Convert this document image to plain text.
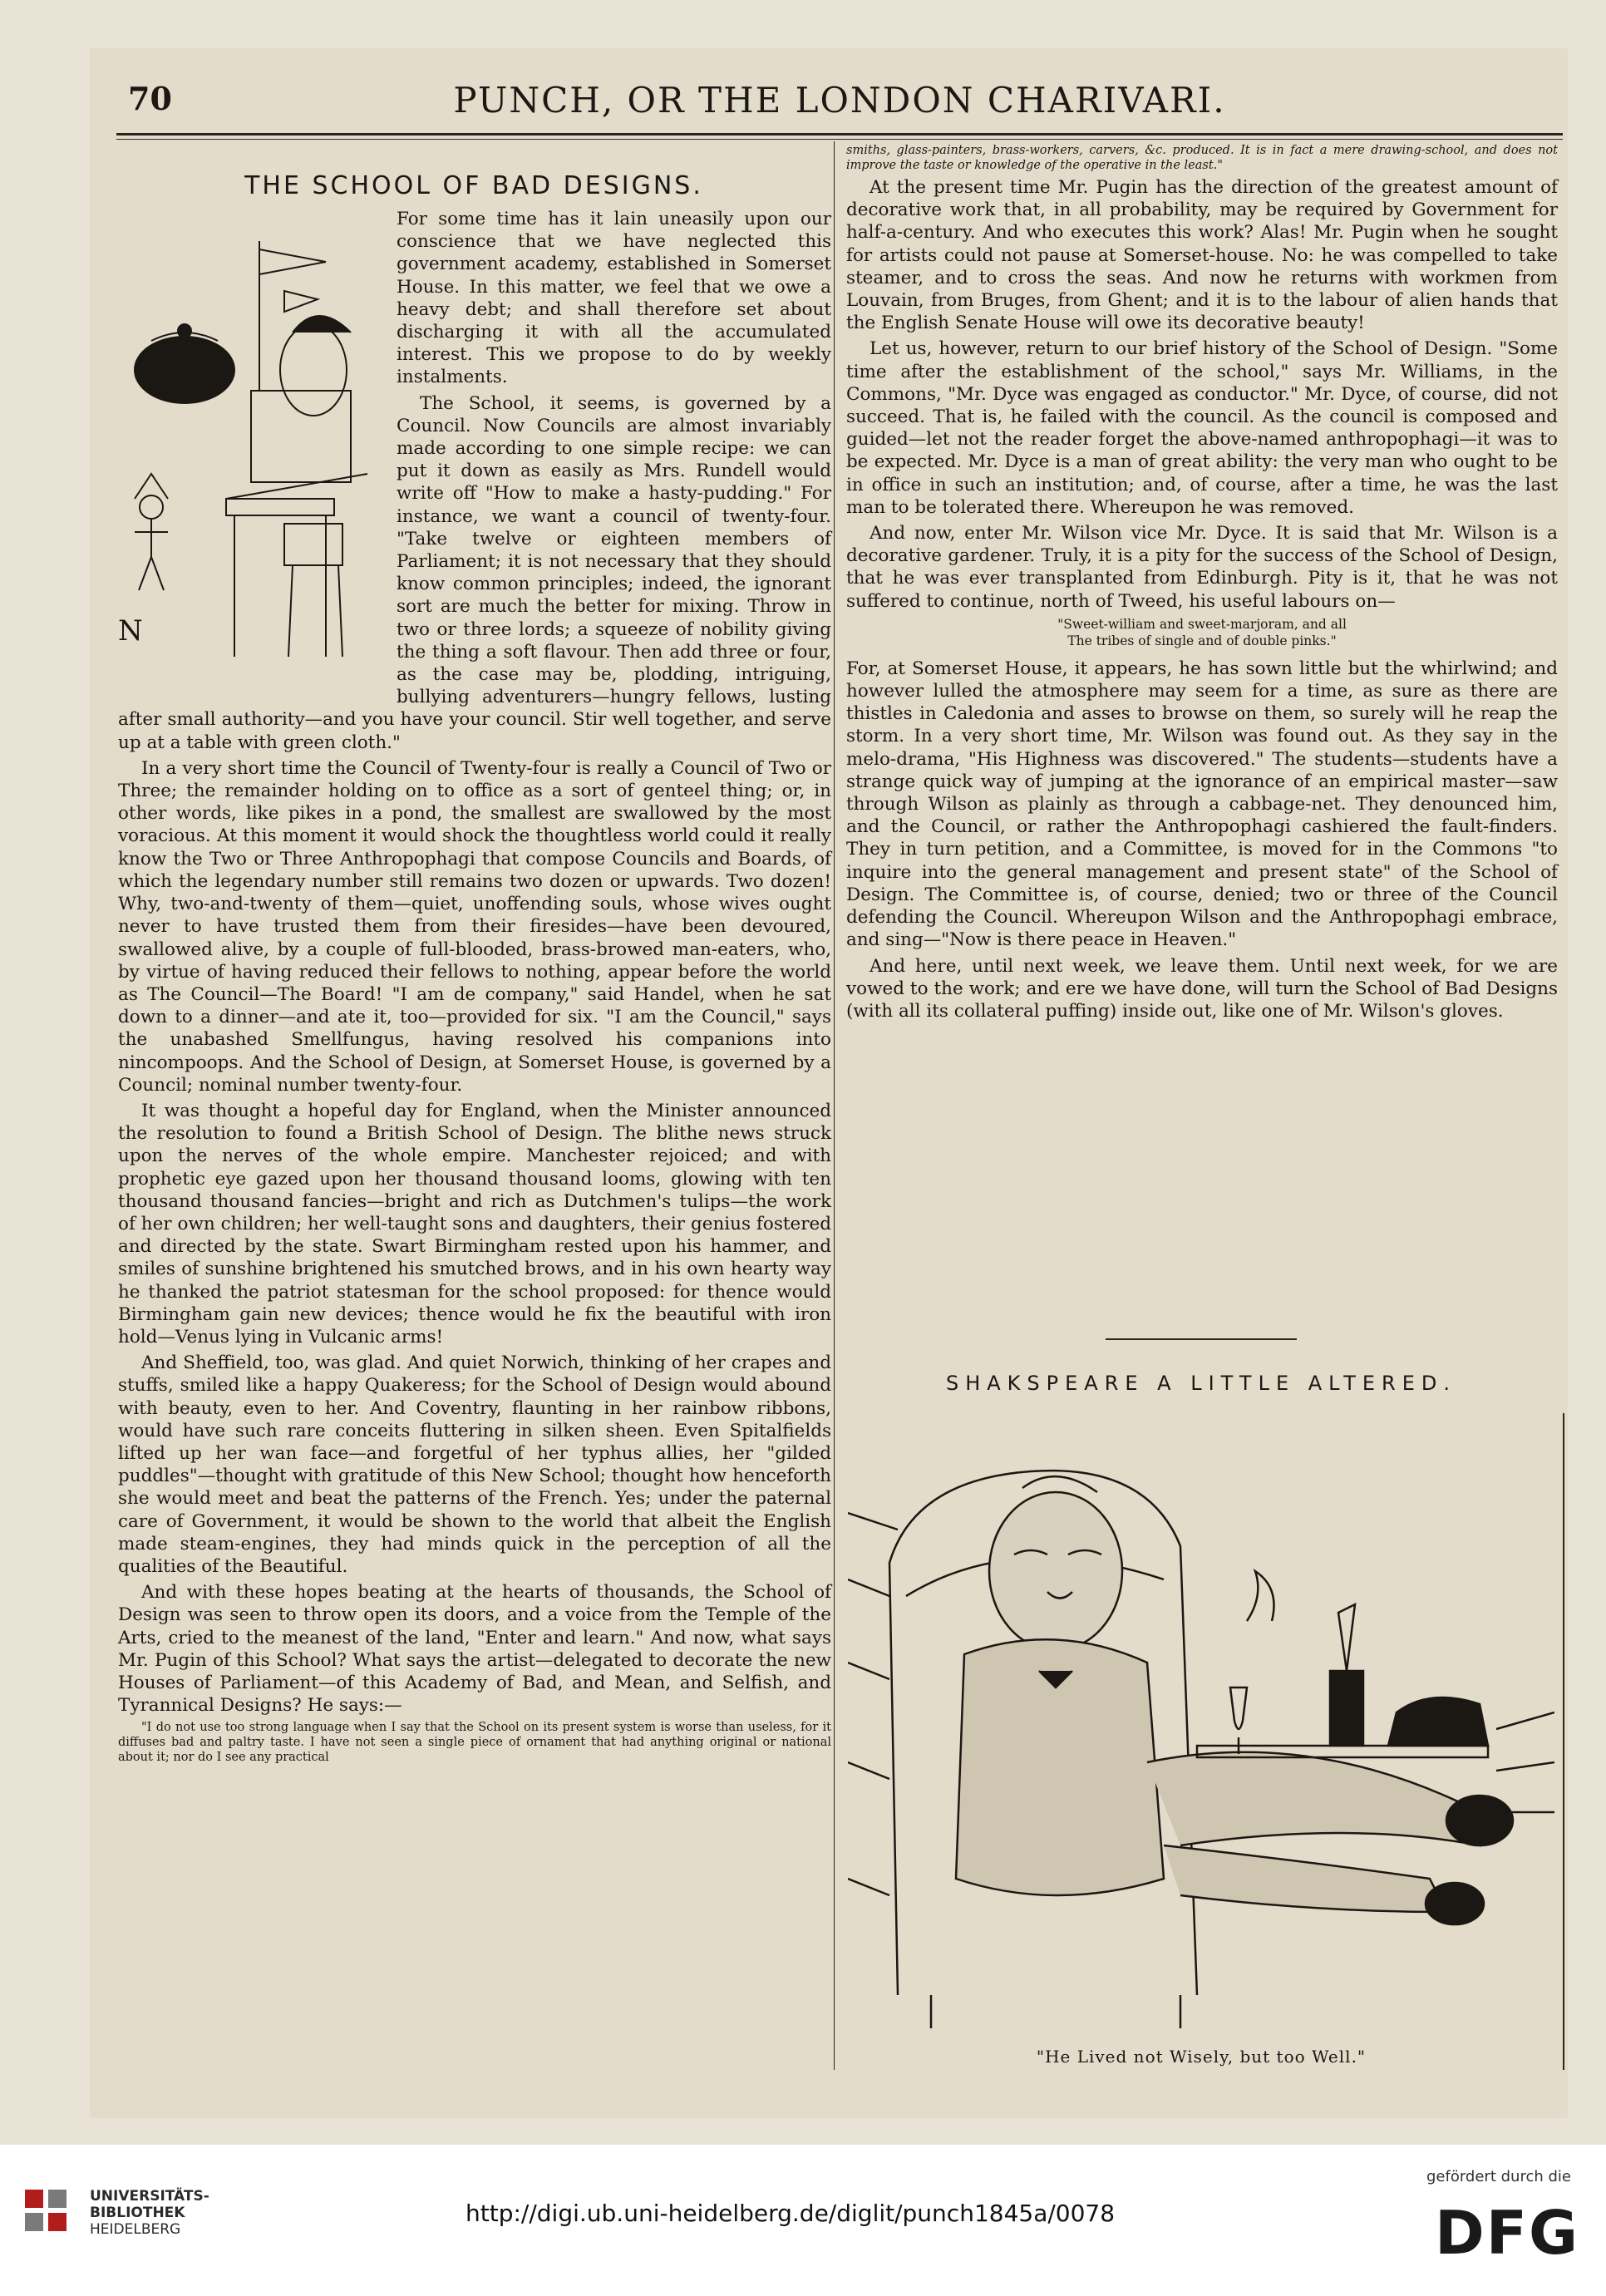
70	PUNCH, OR THE LONDON CHARIVARI.
THE SCHOOL OF BAD DESIGNS.
N

For some time has it lain uneasily upon our conscience that we have neglected this government academy, established in Somerset House. In this matter, we feel that we owe a heavy debt; and shall therefore set about discharging it with all the accumulated interest. This we propose to do by weekly instalments.

The School, it seems, is governed by a Council. Now Councils are almost invariably made according to one simple recipe: we can put it down as easily as Mrs. Rundell would write off "How to make a hasty-pudding." For instance, we want a council of twenty-four. "Take twelve or eighteen members of Parliament; it is not necessary that they should know common principles; indeed, the ignorant sort are much the better for mixing. Throw in two or three lords; a squeeze of nobility giving the thing a soft flavour. Then add three or four, as the case may be, plodding, intriguing, bullying adventurers—hungry fellows, lusting after small authority—and you have your council. Stir well together, and serve up at a table with green cloth."

In a very short time the Council of Twenty-four is really a Council of Two or Three; the remainder holding on to office as a sort of genteel thing; or, in other words, like pikes in a pond, the smallest are swallowed by the most voracious. At this moment it would shock the thoughtless world could it really know the Two or Three Anthropophagi that compose Councils and Boards, of which the legendary number still remains two dozen or upwards. Two dozen! Why, two-and-twenty of them—quiet, unoffending souls, whose wives ought never to have trusted them from their firesides—have been devoured, swallowed alive, by a couple of full-blooded, brass-browed man-eaters, who, by virtue of having reduced their fellows to nothing, appear before the world as The Council—The Board! "I am de company," said Handel, when he sat down to a dinner—and ate it, too—provided for six. "I am the Council," says the unabashed Smellfungus, having resolved his companions into nincompoops. And the School of Design, at Somerset House, is governed by a Council; nominal number twenty-four.

It was thought a hopeful day for England, when the Minister announced the resolution to found a British School of Design. The blithe news struck upon the nerves of the whole empire. Manchester rejoiced; and with prophetic eye gazed upon her thousand thousand looms, glowing with ten thousand thousand fancies—bright and rich as Dutchmen's tulips—the work of her own children; her well-taught sons and daughters, their genius fostered and directed by the state. Swart Birmingham rested upon his hammer, and smiles of sunshine brightened his smutched brows, and in his own hearty way he thanked the patriot statesman for the school proposed: for thence would Birmingham gain new devices; thence would he fix the beautiful with iron hold—Venus lying in Vulcanic arms!

And Sheffield, too, was glad. And quiet Norwich, thinking of her crapes and stuffs, smiled like a happy Quakeress; for the School of Design would abound with beauty, even to her. And Coventry, flaunting in her rainbow ribbons, would have such rare conceits fluttering in silken sheen. Even Spitalfields lifted up her wan face—and forgetful of her typhus allies, her "gilded puddles"—thought with gratitude of this New School; thought how henceforth she would meet and beat the patterns of the French. Yes; under the paternal care of Government, it would be shown to the world that albeit the English made steam-engines, they had minds quick in the perception of all the qualities of the Beautiful.

And with these hopes beating at the hearts of thousands, the School of Design was seen to throw open its doors, and a voice from the Temple of the Arts, cried to the meanest of the land, "Enter and learn." And now, what says Mr. Pugin of this School? What says the artist—delegated to decorate the new Houses of Parliament—of this Academy of Bad, and Mean, and Selfish, and Tyrannical Designs? He says:—

"I do not use too strong language when I say that the School on its present system is worse than useless, for it diffuses bad and paltry taste. I have not seen a single piece of ornament that had anything original or national about it; nor do I see any practical

smiths, glass-painters, brass-workers, carvers, &c. produced. It is in fact a mere drawing-school, and does not improve the taste or knowledge of the operative in the least."

At the present time Mr. Pugin has the direction of the greatest amount of decorative work that, in all probability, may be required by Government for half-a-century. And who executes this work? Alas! Mr. Pugin when he sought for artists could not pause at Somerset-house. No: he was compelled to take steamer, and to cross the seas. And now he returns with workmen from Louvain, from Bruges, from Ghent; and it is to the labour of alien hands that the English Senate House will owe its decorative beauty!

Let us, however, return to our brief history of the School of Design. "Some time after the establishment of the school," says Mr. Williams, in the Commons, "Mr. Dyce was engaged as conductor." Mr. Dyce, of course, did not succeed. That is, he failed with the council. As the council is composed and guided—let not the reader forget the above-named anthropophagi—it was to be expected. Mr. Dyce is a man of great ability: the very man who ought to be in office in such an institution; and, of course, after a time, he was the last man to be tolerated there. Whereupon he was removed.

And now, enter Mr. Wilson vice Mr. Dyce. It is said that Mr. Wilson is a decorative gardener. Truly, it is a pity for the success of the School of Design, that he was ever transplanted from Edinburgh. Pity is it, that he was not suffered to continue, north of Tweed, his useful labours on—

"Sweet-william and sweet-marjoram, and all
The tribes of single and of double pinks."

For, at Somerset House, it appears, he has sown little but the whirlwind; and however lulled the atmosphere may seem for a time, as sure as there are thistles in Caledonia and asses to browse on them, so surely will he reap the storm. In a very short time, Mr. Wilson was found out. As they say in the melo-drama, "His Highness was discovered." The students—students have a strange quick way of jumping at the ignorance of an empirical master—saw through Wilson as plainly as through a cabbage-net. They denounced him, and the Council, or rather the Anthropophagi cashiered the fault-finders. They in turn petition, and a Committee, is moved for in the Commons "to inquire into the general management and present state" of the School of Design. The Committee is, of course, denied; two or three of the Council defending the Council. Whereupon Wilson and the Anthropophagi embrace, and sing—"Now is there peace in Heaven."

And here, until next week, we leave them. Until next week, for we are vowed to the work; and ere we have done, will turn the School of Bad Designs (with all its collateral puffing) inside out, like one of Mr. Wilson's gloves.

SHAKSPEARE A LITTLE ALTERED.
"He Lived not Wisely, but too Well."
UNIVERSITÄTS-
BIBLIOTHEK
HEIDELBERG
http://digi.ub.uni-heidelberg.de/diglit/punch1845a/0078
gefördert durch die
DFG
